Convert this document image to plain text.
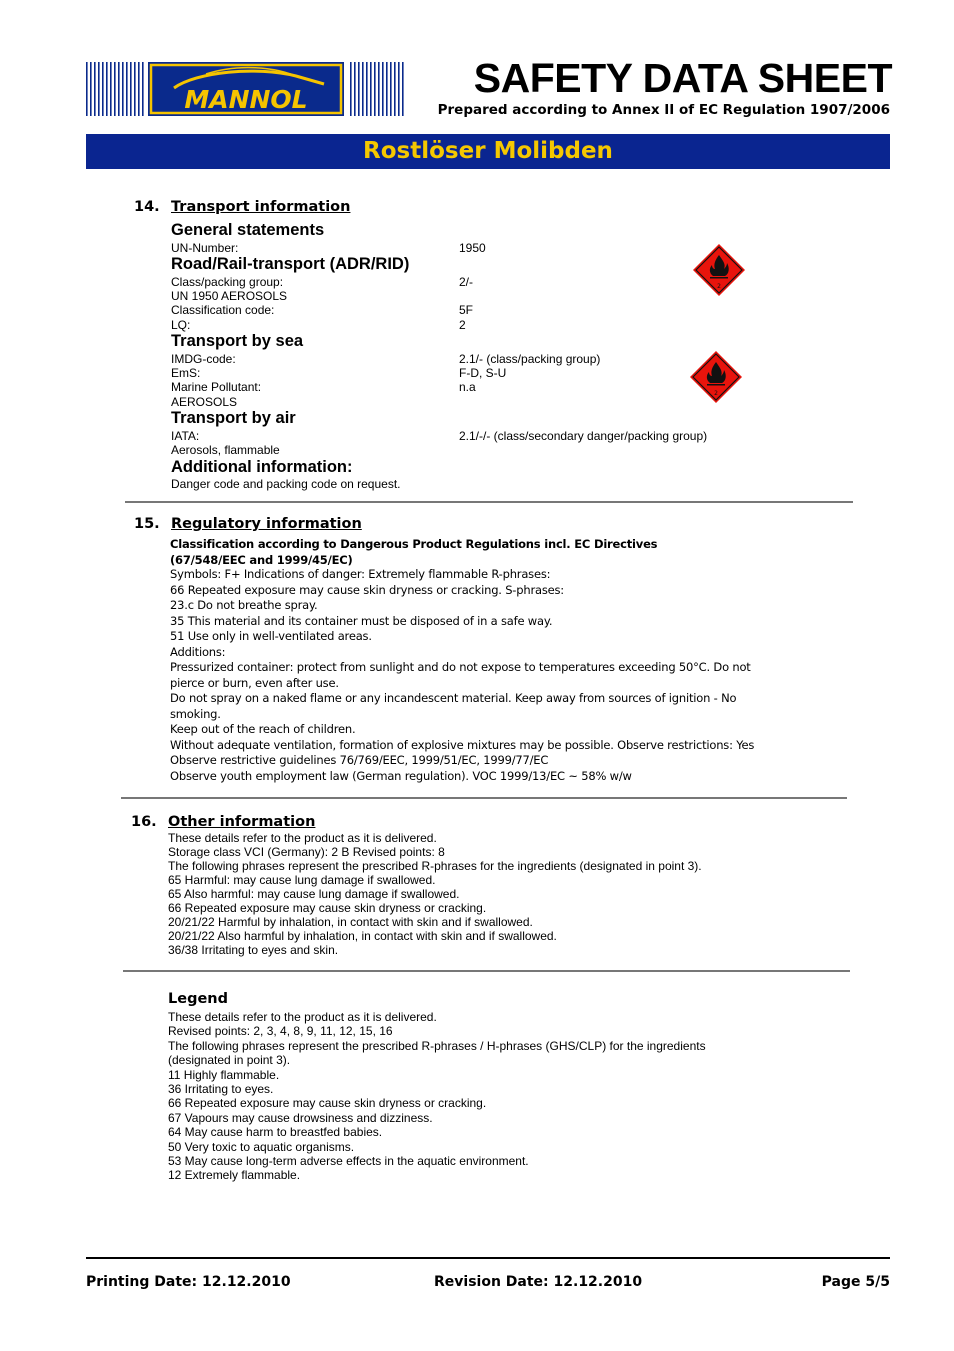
MANNOL	SAFETY DATA SHEET
Prepared according to Annex II of EC Regulation 1907/2006
Rostlöser Molibden
14. Transport information
General statements
UN-Number:	1950
Road/Rail-transport (ADR/RID)
Class/packing group:	2/-
UN 1950 AEROSOLS
Classification code:	5F
LQ:	2
2
Transport by sea
IMDG-code:	2.1/- (class/packing group)
EmS:	F-D, S-U
Marine Pollutant:	n.a
AEROSOLS
2
Transport by air
IATA:	2.1/-/- (class/secondary danger/packing group)
Aerosols, flammable
Additional information:
Danger code and packing code on request.
15. Regulatory information
Classification according to Dangerous Product Regulations incl. EC Directives
(67/548/EEC and 1999/45/EC)
Symbols: F+ Indications of danger: Extremely flammable R-phrases:
66 Repeated exposure may cause skin dryness or cracking. S-phrases:
23.c Do not breathe spray.
35 This material and its container must be disposed of in a safe way.
51 Use only in well-ventilated areas.
Additions:
Pressurized container: protect from sunlight and do not expose to temperatures exceeding 50°C. Do not
pierce or burn, even after use.
Do not spray on a naked flame or any incandescent material. Keep away from sources of ignition - No
smoking.
Keep out of the reach of children.
Without adequate ventilation, formation of explosive mixtures may be possible. Observe restrictions: Yes
Observe restrictive guidelines 76/769/EEC, 1999/51/EC, 1999/77/EC
Observe youth employment law (German regulation). VOC 1999/13/EC ~ 58% w/w
16. Other information
These details refer to the product as it is delivered.
Storage class VCI (Germany): 2 B Revised points: 8
The following phrases represent the prescribed R-phrases for the ingredients (designated in point 3).
65 Harmful: may cause lung damage if swallowed.
65 Also harmful: may cause lung damage if swallowed.
66 Repeated exposure may cause skin dryness or cracking.
20/21/22 Harmful by inhalation, in contact with skin and if swallowed.
20/21/22 Also harmful by inhalation, in contact with skin and if swallowed.
36/38 Irritating to eyes and skin.
Legend
These details refer to the product as it is delivered.
Revised points: 2, 3, 4, 8, 9, 11, 12, 15, 16
The following phrases represent the prescribed R-phrases / H-phrases (GHS/CLP) for the ingredients
(designated in point 3).
11 Highly flammable.
36 Irritating to eyes.
66 Repeated exposure may cause skin dryness or cracking.
67 Vapours may cause drowsiness and dizziness.
64 May cause harm to breastfed babies.
50 Very toxic to aquatic organisms.
53 May cause long-term adverse effects in the aquatic environment.
12 Extremely flammable.
Printing Date: 12.12.2010	Revision Date: 12.12.2010	Page 5/5
